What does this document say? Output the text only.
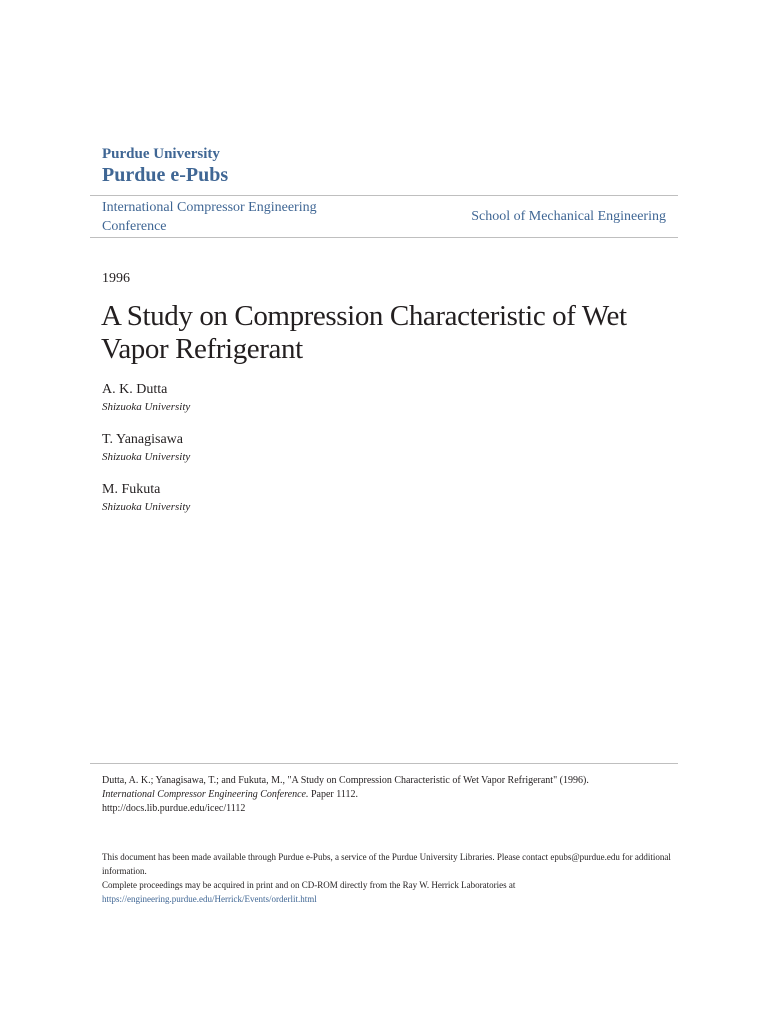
Purdue University

Purdue e-Pubs

International Compressor Engineering Conference
School of Mechanical Engineering
1996
A Study on Compression Characteristic of Wet Vapor Refrigerant
A. K. Dutta
Shizuoka University
T. Yanagisawa
Shizuoka University
M. Fukuta
Shizuoka University
Dutta, A. K.; Yanagisawa, T.; and Fukuta, M., "A Study on Compression Characteristic of Wet Vapor Refrigerant" (1996).
International Compressor Engineering Conference. Paper 1112.
http://docs.lib.purdue.edu/icec/1112
This document has been made available through Purdue e-Pubs, a service of the Purdue University Libraries. Please contact epubs@purdue.edu for additional information.
Complete proceedings may be acquired in print and on CD-ROM directly from the Ray W. Herrick Laboratories at https://engineering.purdue.edu/Herrick/Events/orderlit.html
